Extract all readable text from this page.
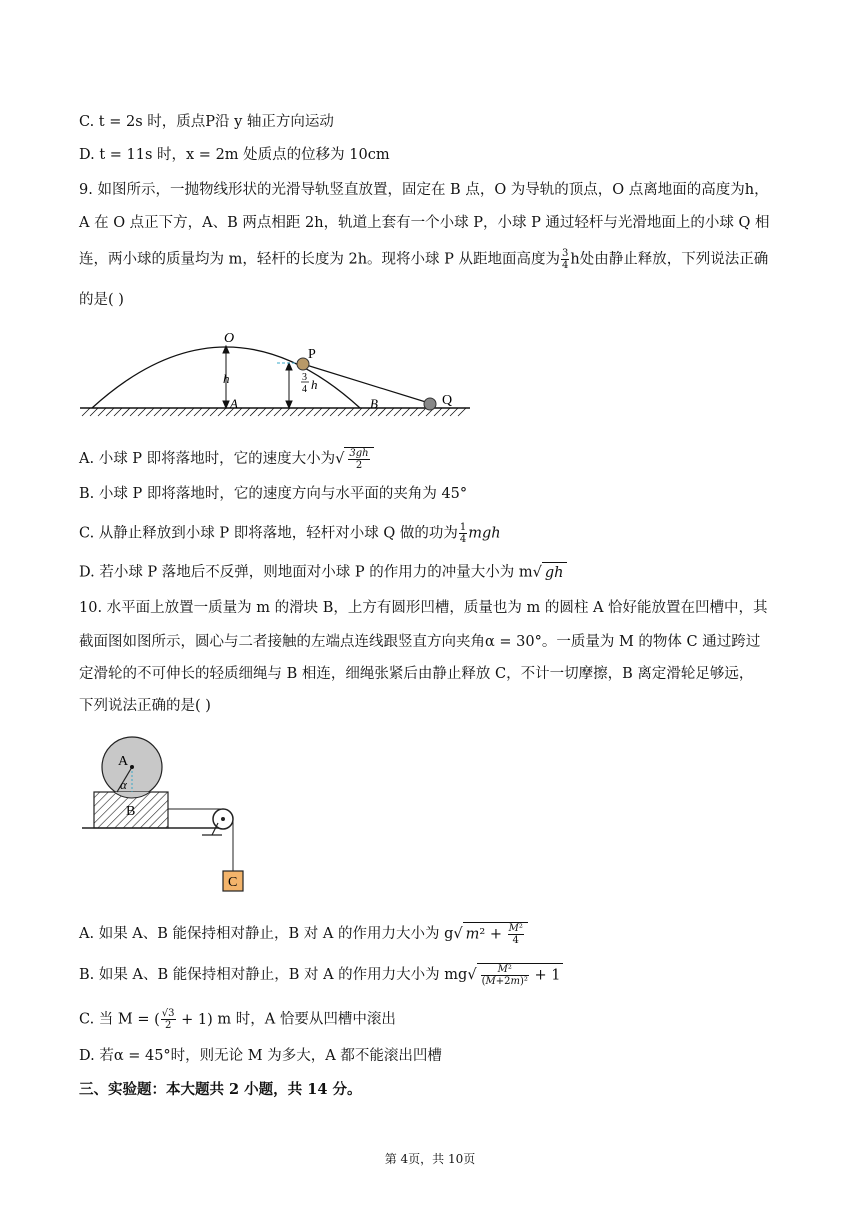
C. t = 2s 时，质点P沿 y 轴正方向运动
D. t = 11s 时，x = 2m 处质点的位移为 10cm
9. 如图所示，一抛物线形状的光滑导轨竖直放置，固定在 B 点，O 为导轨的顶点，O 点离地面的高度为h，
A 在 O 点正下方，A、B 两点相距 2h，轨道上套有一个小球 P，小球 P 通过轻杆与光滑地面上的小球 Q 相
连，两小球的质量均为 m，轻杆的长度为 2h。现将小球 P 从距地面高度为 $\frac{3}{4}$ h处由静止释放，下列说法正确
的是( )
O
P
Q
A	B
h	3
4 h
A. 小球 P 即将落地时，它的速度大小为√ $\frac{3gh}{2}$
B. 小球 P 即将落地时，它的速度方向与水平面的夹角为 45°
C. 从静止释放到小球 P 即将落地，轻杆对小球 Q 做的功为 $\frac{1}{4}$ mgh
D. 若小球 P 落地后不反弹，则地面对小球 P 的作用力的冲量大小为 m√ gh
10. 水平面上放置一质量为 m 的滑块 B，上方有圆形凹槽，质量也为 m 的圆柱 A 恰好能放置在凹槽中，其
截面图如图所示，圆心与二者接触的左端点连线跟竖直方向夹角α = 30°。一质量为 M 的物体 C 通过跨过
定滑轮的不可伸长的轻质细绳与 B 相连，细绳张紧后由静止释放 C，不计一切摩擦，B 离定滑轮足够远，
下列说法正确的是( )
A
α
B
C
A. 如果 A、B 能保持相对静止，B 对 A 的作用力大小为 g√ $m^2 + \frac{\text{M²}}{4}$
B. 如果 A、B 能保持相对静止，B 对 A 的作用力大小为 $mg√ \frac{\text{M²}}{\text{(M+2m)²}} + 1$
C. 当 M = ( $\frac{√3}{2} + 1$) m 时，A 恰要从凹槽中滚出
D. 若α = 45°时，则无论 M 为多大，A 都不能滚出凹槽
三、实验题：本大题共 2 小题，共 14 分。
第 4页，共 10页
